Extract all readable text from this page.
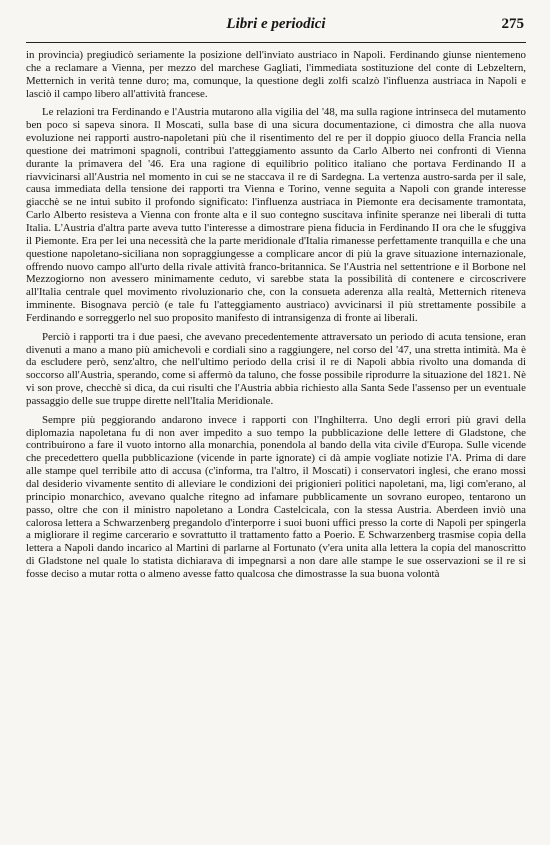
Libri e periodici	275

in provincia) pregiudicò seriamente la posizione dell'inviato austriaco in Napoli. Ferdinando giunse nientemeno che a reclamare a Vienna, per mezzo del marchese Gagliati, l'immediata sostituzione del conte di Lebzeltern, Metternich in verità tenne duro; ma, comunque, la questione degli zolfi scalzò l'influenza austriaca in Napoli e lasciò il campo libero all'attività francese.

Le relazioni tra Ferdinando e l'Austria mutarono alla vigilia del '48, ma sulla ragione intrinseca del mutamento ben poco si sapeva sinora. Il Moscati, sulla base di una sicura documentazione, ci dimostra che alla nuova evoluzione nei rapporti austro-napoletani più che il risentimento del re per il doppio giuoco della Francia nella questione dei matrimoni spagnoli, contribuì l'atteggiamento assunto da Carlo Alberto nei confronti di Vienna durante la primavera del '46. Era una ragione di equilibrio politico italiano che portava Ferdinando II a riavvicinarsi all'Austria nel momento in cui se ne staccava il re di Sardegna. La vertenza austro-sarda per il sale, causa immediata della tensione dei rapporti tra Vienna e Torino, venne seguita a Napoli con grande interesse giacchè se ne intuì subito il profondo significato: l'influenza austriaca in Piemonte era decisamente tramontata, Carlo Alberto resisteva a Vienna con fronte alta e il suo contegno suscitava infinite speranze nei liberali di tutta Italia. L'Austria d'altra parte aveva tutto l'interesse a dimostrare piena fiducia in Ferdinando II ora che le sfuggiva il Piemonte. Era per lei una necessità che la parte meridionale d'Italia rimanesse perfettamente tranquilla e che una questione napoletano-siciliana non sopraggiungesse a complicare ancor di più la grave situazione internazionale, offrendo nuovo campo all'urto della rivale attività franco-britannica. Se l'Austria nel settentrione e il Borbone nel Mezzogiorno non avessero minimamente ceduto, vi sarebbe stata la possibilità di contenere e circoscrivere all'Italia centrale quel movimento rivoluzionario che, con la consueta aderenza alla realtà, Metternich riteneva imminente. Bisognava perciò (e tale fu l'atteggiamento austriaco) avvicinarsi il più strettamente possibile a Ferdinando e sorreggerlo nel suo proposito manifesto di intransigenza di fronte ai liberali.

Perciò i rapporti tra i due paesi, che avevano precedentemente attraversato un periodo di acuta tensione, eran divenuti a mano a mano più amichevoli e cordiali sino a raggiungere, nel corso del '47, una stretta intimità. Ma è da escludere però, senz'altro, che nell'ultimo periodo della crisi il re di Napoli abbia rivolto una domanda di soccorso all'Austria, sperando, come si affermò da taluno, che fosse possibile riprodurre la situazione del 1821. Nè vi son prove, checchè si dica, da cui risulti che l'Austria abbia richiesto alla Santa Sede l'assenso per un eventuale passaggio delle sue truppe dirette nell'Italia Meridionale.

Sempre più peggiorando andarono invece i rapporti con l'Inghilterra. Uno degli errori più gravi della diplomazia napoletana fu di non aver impedito a suo tempo la pubblicazione delle lettere di Gladstone, che contribuirono a fare il vuoto intorno alla monarchia, ponendola al bando della vita civile d'Europa. Sulle vicende che precedettero quella pubblicazione (vicende in parte ignorate) ci dà ampie vogliate notizie l'A. Prima di dare alle stampe quel terribile atto di accusa (c'informa, tra l'altro, il Moscati) i conservatori inglesi, che erano mossi dal desiderio vivamente sentito di alleviare le condizioni dei prigionieri politici napoletani, ma, ligi com'erano, al principio monarchico, avevano qualche ritegno ad infamare pubblicamente un sovrano europeo, tentarono un passo, oltre che con il ministro napoletano a Londra Castelcicala, con la stessa Austria. Aberdeen inviò una calorosa lettera a Schwarzenberg pregandolo d'interporre i suoi buoni uffici presso la corte di Napoli per spingerla a migliorare il regime carcerario e sovrattutto il trattamento fatto a Poerio. E Schwarzenberg trasmise copia della lettera a Napoli dando incarico al Martini di parlarne al Fortunato (v'era unita alla lettera la copia del manoscritto di Gladstone nel quale lo statista dichiarava di impegnarsi a non dare alle stampe le sue osservazioni se il re si fosse deciso a mutar rotta o almeno avesse fatto qualcosa che dimostrasse la sua buona volontà
